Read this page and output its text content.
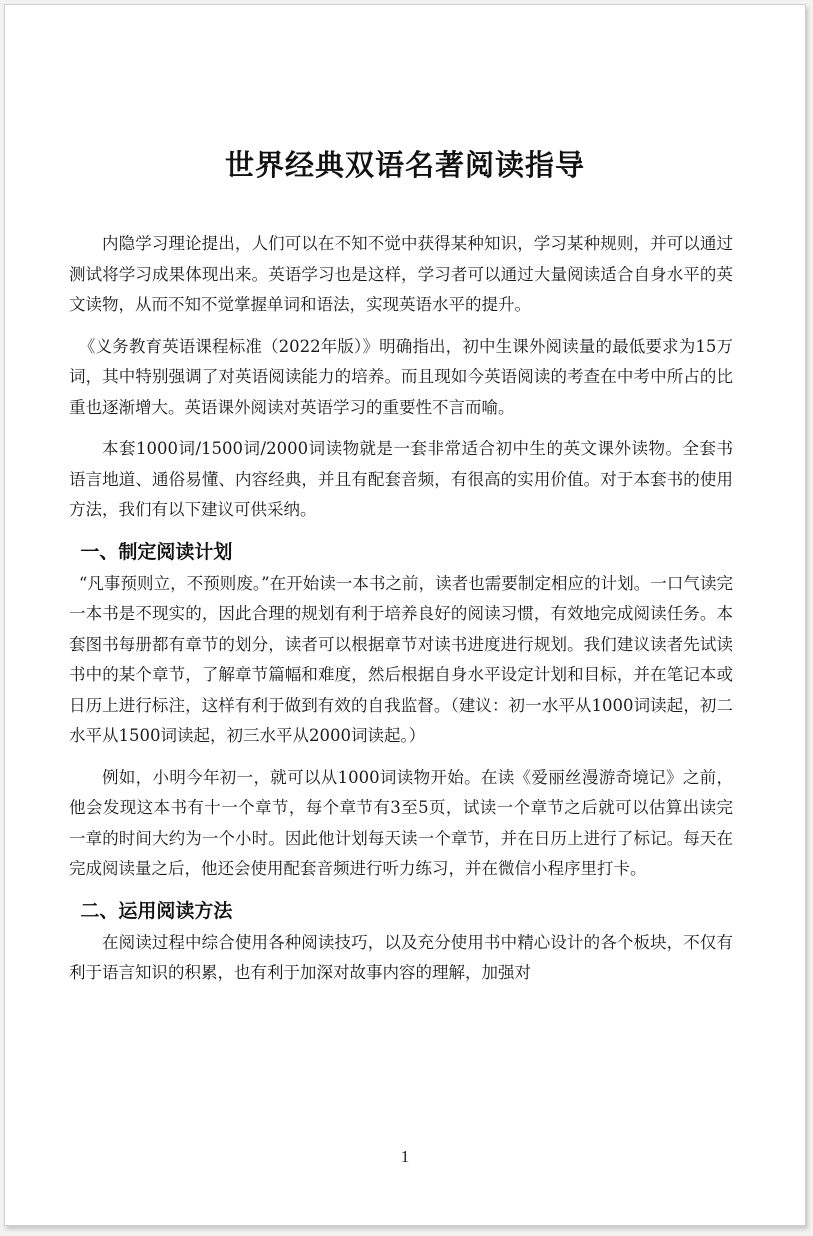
世界经典双语名著阅读指导

内隐学习理论提出，人们可以在不知不觉中获得某种知识，学习某种规则，并可以通过测试将学习成果体现出来。英语学习也是这样，学习者可以通过大量阅读适合自身水平的英文读物，从而不知不觉掌握单词和语法，实现英语水平的提升。

《义务教育英语课程标准（2022年版）》明确指出，初中生课外阅读量的最低要求为15万词，其中特别强调了对英语阅读能力的培养。而且现如今英语阅读的考查在中考中所占的比重也逐渐增大。英语课外阅读对英语学习的重要性不言而喻。

本套1000词/1500词/2000词读物就是一套非常适合初中生的英文课外读物。全套书语言地道、通俗易懂、内容经典，并且有配套音频，有很高的实用价值。对于本套书的使用方法，我们有以下建议可供采纳。

一、制定阅读计划

“凡事预则立，不预则废。”在开始读一本书之前，读者也需要制定相应的计划。一口气读完一本书是不现实的，因此合理的规划有利于培养良好的阅读习惯，有效地完成阅读任务。本套图书每册都有章节的划分，读者可以根据章节对读书进度进行规划。我们建议读者先试读书中的某个章节，了解章节篇幅和难度，然后根据自身水平设定计划和目标，并在笔记本或日历上进行标注，这样有利于做到有效的自我监督。（建议：初一水平从1000词读起，初二水平从1500词读起，初三水平从2000词读起。）

例如，小明今年初一，就可以从1000词读物开始。在读《爱丽丝漫游奇境记》之前，他会发现这本书有十一个章节，每个章节有3至5页，试读一个章节之后就可以估算出读完一章的时间大约为一个小时。因此他计划每天读一个章节，并在日历上进行了标记。每天在完成阅读量之后，他还会使用配套音频进行听力练习，并在微信小程序里打卡。

二、运用阅读方法

在阅读过程中综合使用各种阅读技巧，以及充分使用书中精心设计的各个板块，不仅有利于语言知识的积累，也有利于加深对故事内容的理解，加强对

1
